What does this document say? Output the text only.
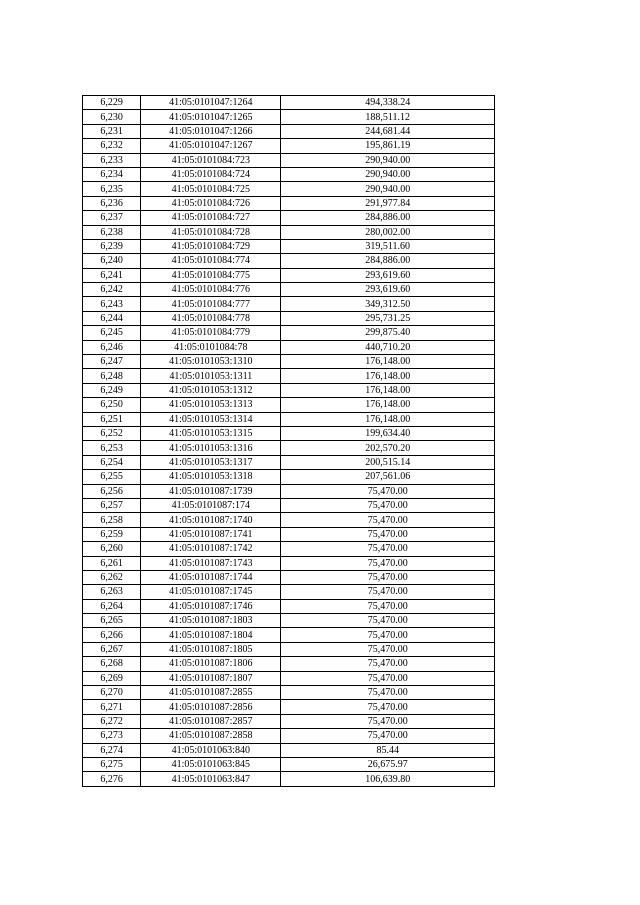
6,229	41:05:0101047:1264	494,338.24
6,230	41:05:0101047:1265	188,511.12
6,231	41:05:0101047:1266	244,681.44
6,232	41:05:0101047:1267	195,861.19
6,233	41:05:0101084:723	290,940.00
6,234	41:05:0101084:724	290,940.00
6,235	41:05:0101084:725	290,940.00
6,236	41:05:0101084:726	291,977.84
6,237	41:05:0101084:727	284,886.00
6,238	41:05:0101084:728	280,002.00
6,239	41:05:0101084:729	319,511.60
6,240	41:05:0101084:774	284,886.00
6,241	41:05:0101084:775	293,619.60
6,242	41:05:0101084:776	293,619.60
6,243	41:05:0101084:777	349,312.50
6,244	41:05:0101084:778	295,731.25
6,245	41:05:0101084:779	299,875.40
6,246	41:05:0101084:78	440,710.20
6,247	41:05:0101053:1310	176,148.00
6,248	41:05:0101053:1311	176,148.00
6,249	41:05:0101053:1312	176,148.00
6,250	41:05:0101053:1313	176,148.00
6,251	41:05:0101053:1314	176,148.00
6,252	41:05:0101053:1315	199,634.40
6,253	41:05:0101053:1316	202,570.20
6,254	41:05:0101053:1317	200,515.14
6,255	41:05:0101053:1318	207,561.06
6,256	41:05:0101087:1739	75,470.00
6,257	41:05:0101087:174	75,470.00
6,258	41:05:0101087:1740	75,470.00
6,259	41:05:0101087:1741	75,470.00
6,260	41:05:0101087:1742	75,470.00
6,261	41:05:0101087:1743	75,470.00
6,262	41:05:0101087:1744	75,470.00
6,263	41:05:0101087:1745	75,470.00
6,264	41:05:0101087:1746	75,470.00
6,265	41:05:0101087:1803	75,470.00
6,266	41:05:0101087:1804	75,470.00
6,267	41:05:0101087:1805	75,470.00
6,268	41:05:0101087:1806	75,470.00
6,269	41:05:0101087:1807	75,470.00
6,270	41:05:0101087:2855	75,470.00
6,271	41:05:0101087:2856	75,470.00
6,272	41:05:0101087:2857	75,470.00
6,273	41:05:0101087:2858	75,470.00
6,274	41:05:0101063:840	85.44
6,275	41:05:0101063:845	26,675.97
6,276	41:05:0101063:847	106,639.80
